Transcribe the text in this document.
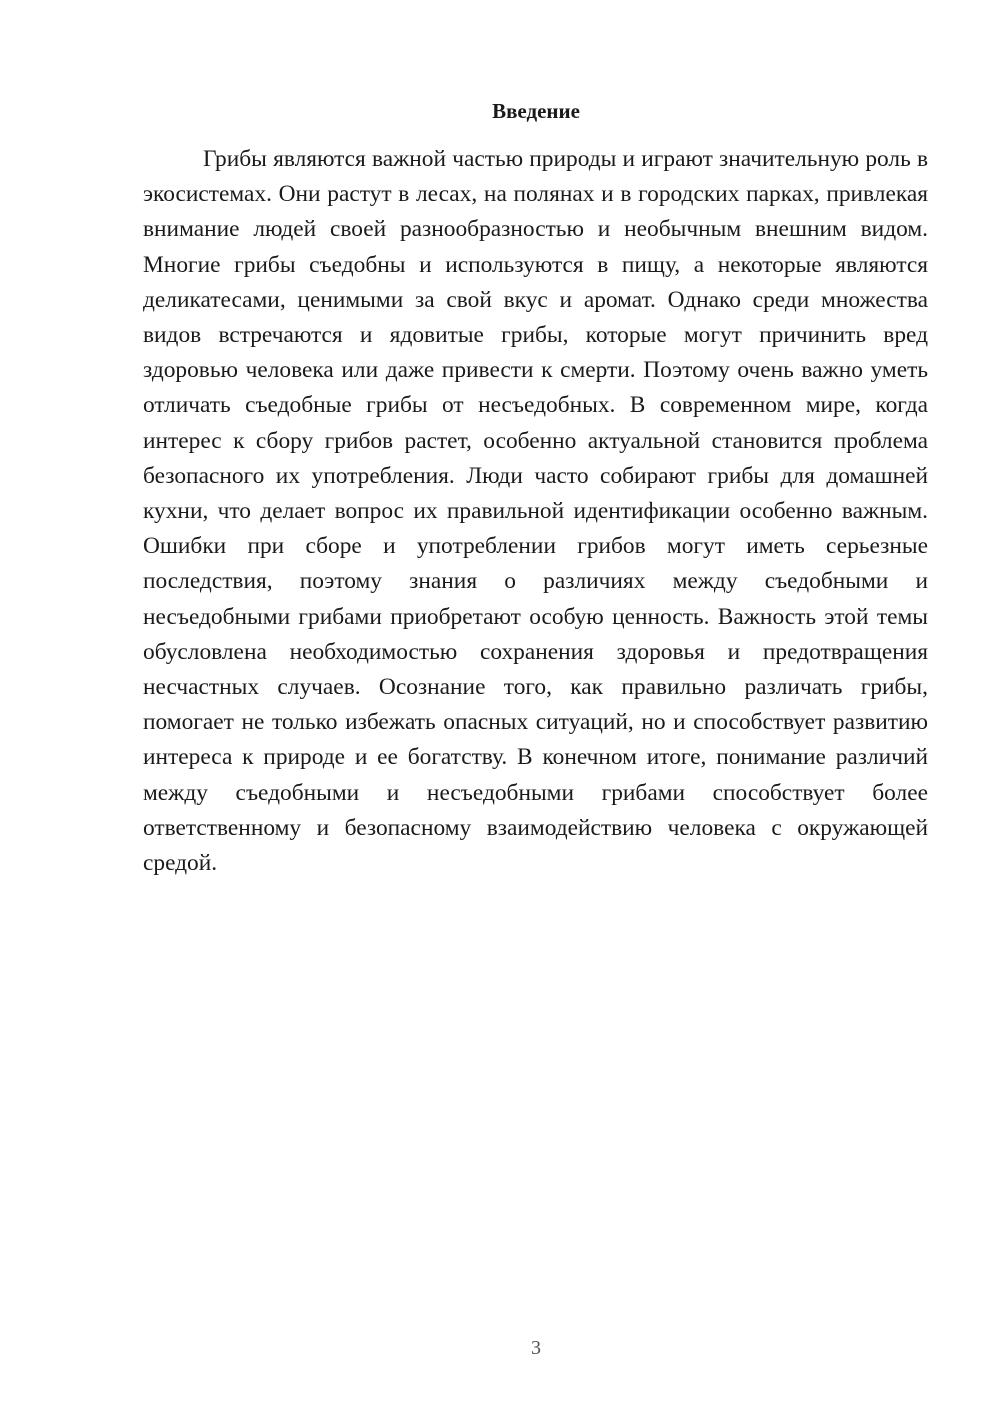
Введение

Грибы являются важной частью природы и играют значительную роль в экосистемах. Они растут в лесах, на полянах и в городских парках, привлекая внимание людей своей разнообразностью и необычным внешним видом. Многие грибы съедобны и используются в пищу, а некоторые являются деликатесами, ценимыми за свой вкус и аромат. Однако среди множества видов встречаются и ядовитые грибы, которые могут причинить вред здоровью человека или даже привести к смерти. Поэтому очень важно уметь отличать съедобные грибы от несъедобных. В современном мире, когда интерес к сбору грибов растет, особенно актуальной становится проблема безопасного их употребления. Люди часто собирают грибы для домашней кухни, что делает вопрос их правильной идентификации особенно важным. Ошибки при сборе и употреблении грибов могут иметь серьезные последствия, поэтому знания о различиях между съедобными и несъедобными грибами приобретают особую ценность. Важность этой темы обусловлена необходимостью сохранения здоровья и предотвращения несчастных случаев. Осознание того, как правильно различать грибы, помогает не только избежать опасных ситуаций, но и способствует развитию интереса к природе и ее богатству. В конечном итоге, понимание различий между съедобными и несъедобными грибами способствует более ответственному и безопасному взаимодействию человека с окружающей средой.

3
